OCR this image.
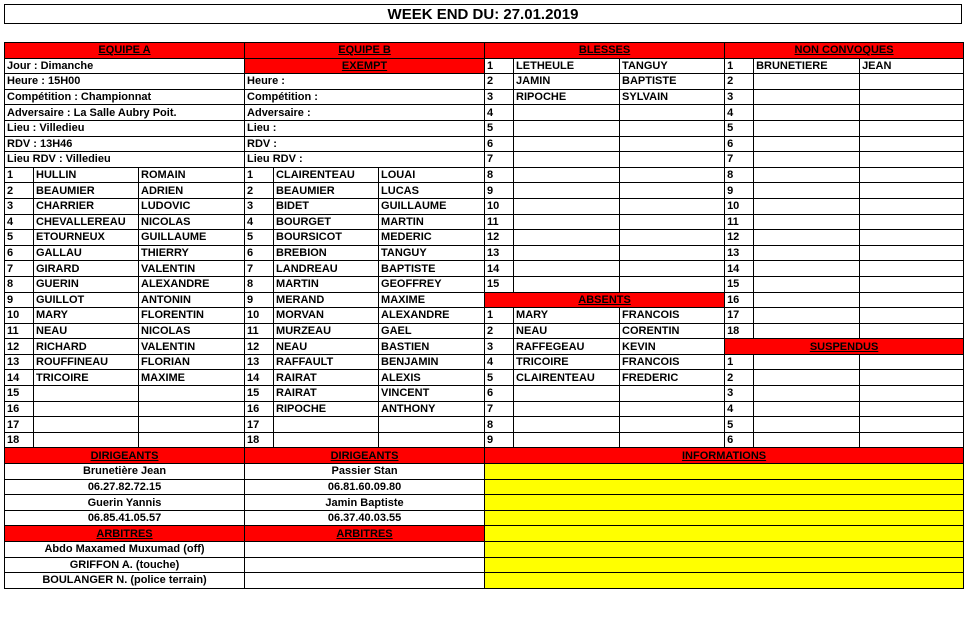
WEEK END DU: 27.01.2019
EQUIPE A			EQUIPE B			BLESSES			NON CONVOQUES		
Jour : Dimanche			EXEMPT			1	LETHEULE	TANGUY	1	BRUNETIERE	JEAN
Heure : 15H00			Heure :			2	JAMIN	BAPTISTE	2		
Compétition : Championnat			Compétition :			3	RIPOCHE	SYLVAIN	3		
Adversaire : La Salle Aubry Poit.			Adversaire :			4			4		
Lieu : Villedieu			Lieu :			5			5		
RDV : 13H46			RDV :			6			6		
Lieu RDV : Villedieu			Lieu RDV :			7			7		
1	HULLIN	ROMAIN	1	CLAIRENTEAU	LOUAI	8			8		
2	BEAUMIER	ADRIEN	2	BEAUMIER	LUCAS	9			9		
3	CHARRIER	LUDOVIC	3	BIDET	GUILLAUME	10			10		
4	CHEVALLEREAU	NICOLAS	4	BOURGET	MARTIN	11			11		
5	ETOURNEUX	GUILLAUME	5	BOURSICOT	MEDERIC	12			12		
6	GALLAU	THIERRY	6	BREBION	TANGUY	13			13		
7	GIRARD	VALENTIN	7	LANDREAU	BAPTISTE	14			14		
8	GUERIN	ALEXANDRE	8	MARTIN	GEOFFREY	15			15		
9	GUILLOT	ANTONIN	9	MERAND	MAXIME	ABSENTS			16		
10	MARY	FLORENTIN	10	MORVAN	ALEXANDRE	1	MARY	FRANCOIS	17		
11	NEAU	NICOLAS	11	MURZEAU	GAEL	2	NEAU	CORENTIN	18		
12	RICHARD	VALENTIN	12	NEAU	BASTIEN	3	RAFFEGEAU	KEVIN	SUSPENDUS		
13	ROUFFINEAU	FLORIAN	13	RAFFAULT	BENJAMIN	4	TRICOIRE	FRANCOIS	1		
14	TRICOIRE	MAXIME	14	RAIRAT	ALEXIS	5	CLAIRENTEAU	FREDERIC	2		
15			15	RAIRAT	VINCENT	6			3		
16			16	RIPOCHE	ANTHONY	7			4		
17			17			8			5		
18			18			9			6		
DIRIGEANTS			DIRIGEANTS			INFORMATIONS					
Brunetière Jean			Passier Stan								
06.27.82.72.15			06.81.60.09.80								
Guerin Yannis			Jamin Baptiste								
06.85.41.05.57			06.37.40.03.55								
ARBITRES			ARBITRES								
Abdo Maxamed Muxumad (off)											
GRIFFON A. (touche)											
BOULANGER N. (police terrain)											
